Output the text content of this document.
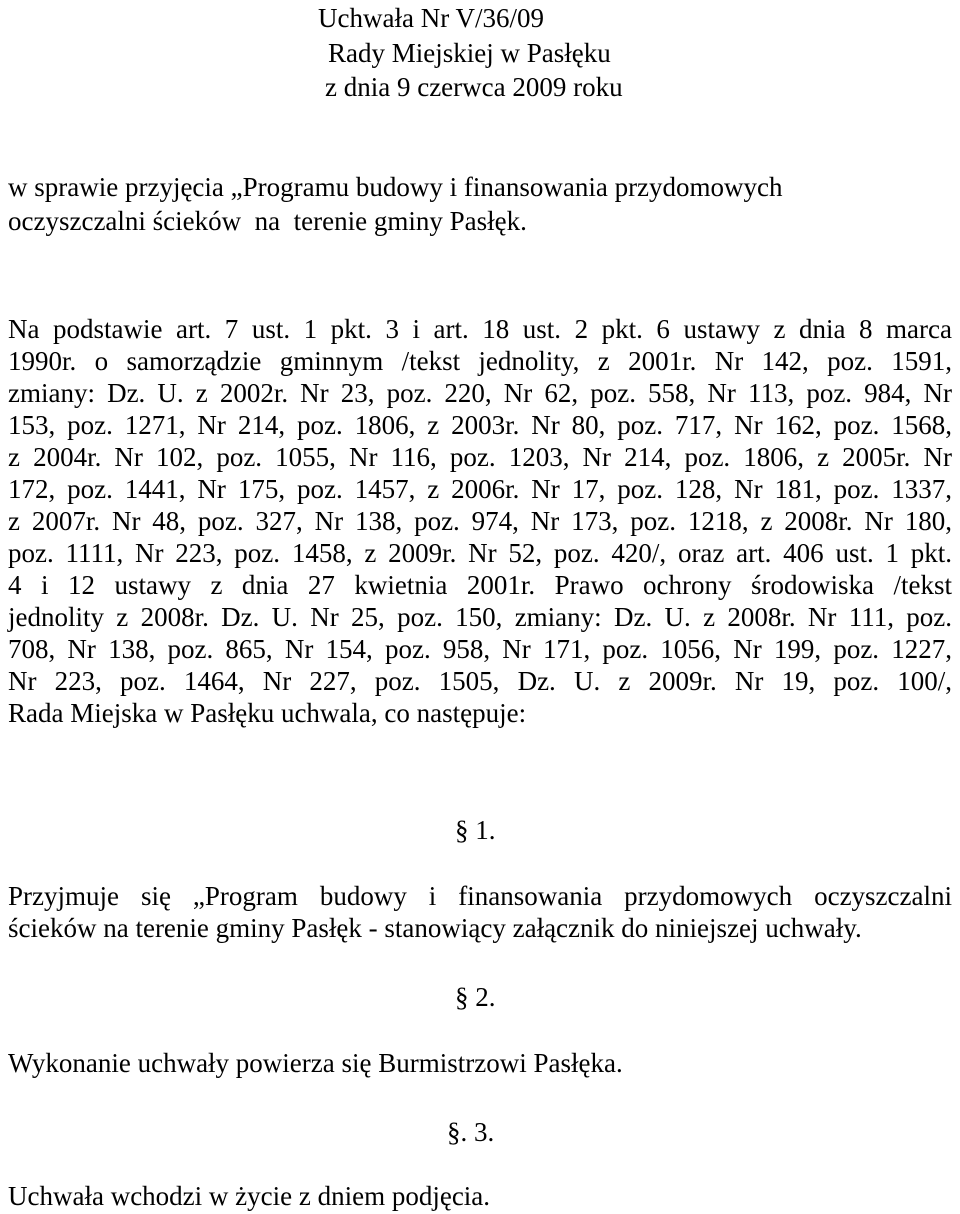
Uchwała Nr V/36/09

Rady Miejskiej w Pasłęku

z dnia 9 czerwca 2009 roku

w sprawie przyjęcia „Programu budowy i finansowania przydomowych

oczyszczalni ścieków  na  terenie gminy Pasłęk.

Na podstawie art. 7 ust. 1 pkt. 3 i art. 18 ust. 2 pkt. 6 ustawy z dnia 8 marca

1990r. o samorządzie gminnym /tekst jednolity, z 2001r. Nr 142, poz. 1591,

zmiany: Dz. U. z 2002r. Nr 23, poz. 220, Nr 62, poz. 558, Nr 113, poz. 984, Nr

153, poz. 1271, Nr 214, poz. 1806, z 2003r. Nr 80, poz. 717, Nr 162, poz. 1568,

z 2004r. Nr 102, poz. 1055, Nr 116, poz. 1203, Nr 214, poz. 1806, z 2005r. Nr

172, poz. 1441, Nr 175, poz. 1457, z 2006r. Nr 17, poz. 128, Nr 181, poz. 1337,

z 2007r. Nr 48, poz. 327, Nr 138, poz. 974, Nr 173, poz. 1218, z 2008r. Nr 180,

poz. 1111, Nr 223, poz. 1458, z 2009r. Nr 52, poz. 420/, oraz art. 406 ust. 1 pkt.

4 i 12 ustawy z dnia 27 kwietnia 2001r. Prawo ochrony środowiska /tekst

jednolity z 2008r. Dz. U. Nr 25, poz. 150, zmiany: Dz. U. z 2008r. Nr 111, poz.

708, Nr 138, poz. 865, Nr 154, poz. 958, Nr 171, poz. 1056, Nr 199, poz. 1227,

Nr 223, poz. 1464, Nr 227, poz. 1505, Dz. U. z 2009r. Nr 19, poz. 100/,

Rada Miejska w Pasłęku uchwala, co następuje:

§ 1.

Przyjmuje się „Program budowy i finansowania przydomowych oczyszczalni

ścieków na terenie gminy Pasłęk - stanowiący załącznik do niniejszej uchwały.

§ 2.

Wykonanie uchwały powierza się Burmistrzowi Pasłęka.

§. 3.

Uchwała wchodzi w życie z dniem podjęcia.
